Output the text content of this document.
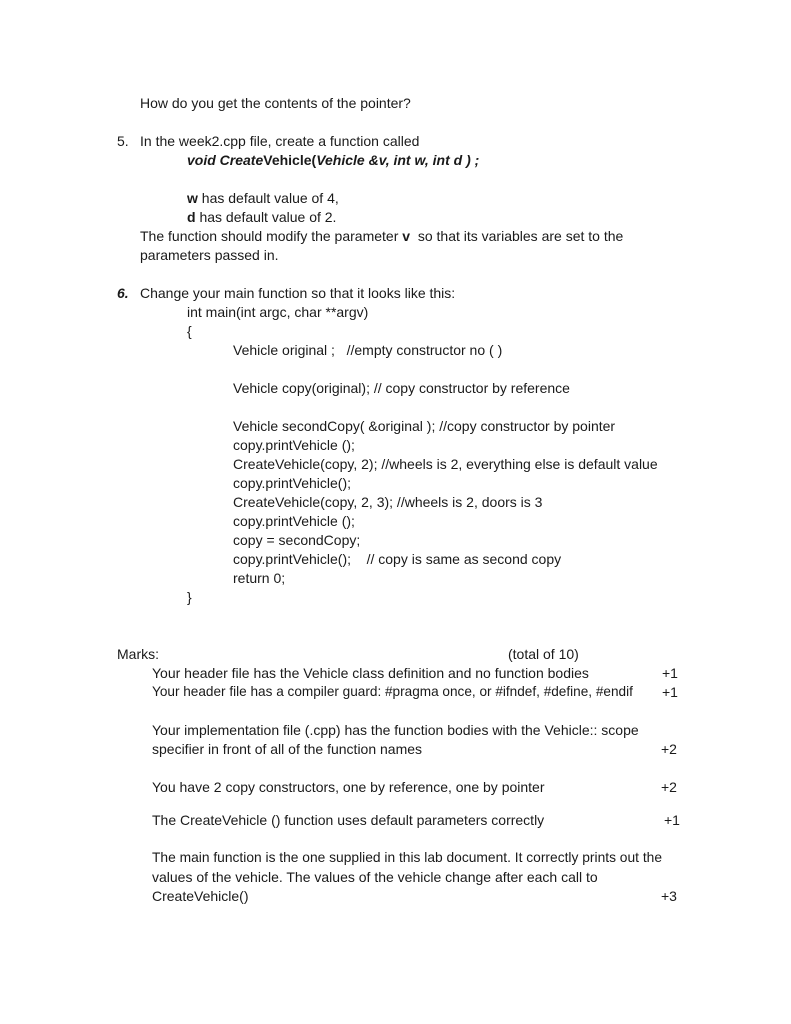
How do you get the contents of the pointer?
5. In the week2.cpp file, create a function called
void CreateVehicle(Vehicle &v, int w, int d ) ;
w has default value of 4,
d has default value of 2.
The function should modify the parameter v  so that its variables are set to the
parameters passed in.
6. Change your main function so that it looks like this:
int main(int argc, char **argv)
{
Vehicle original ;   //empty constructor no ( )
Vehicle copy(original); // copy constructor by reference
Vehicle secondCopy( &original ); //copy constructor by pointer
copy.printVehicle ();
CreateVehicle(copy, 2); //wheels is 2, everything else is default value
copy.printVehicle();
CreateVehicle(copy, 2, 3); //wheels is 2, doors is 3
copy.printVehicle ();
copy = secondCopy;
copy.printVehicle();    // copy is same as second copy
return 0;
}
Marks:	(total of 10)
Your header file has the Vehicle class definition and no function bodies	+1
Your header file has a compiler guard: #pragma once, or #ifndef, #define, #endif +1
Your implementation file (.cpp) has the function bodies with the Vehicle:: scope
specifier in front of all of the function names	+2
You have 2 copy constructors, one by reference, one by pointer	+2
The CreateVehicle () function uses default parameters correctly	+1
The main function is the one supplied in this lab document. It correctly prints out the
values of the vehicle. The values of the vehicle change after each call to
CreateVehicle()	+3
